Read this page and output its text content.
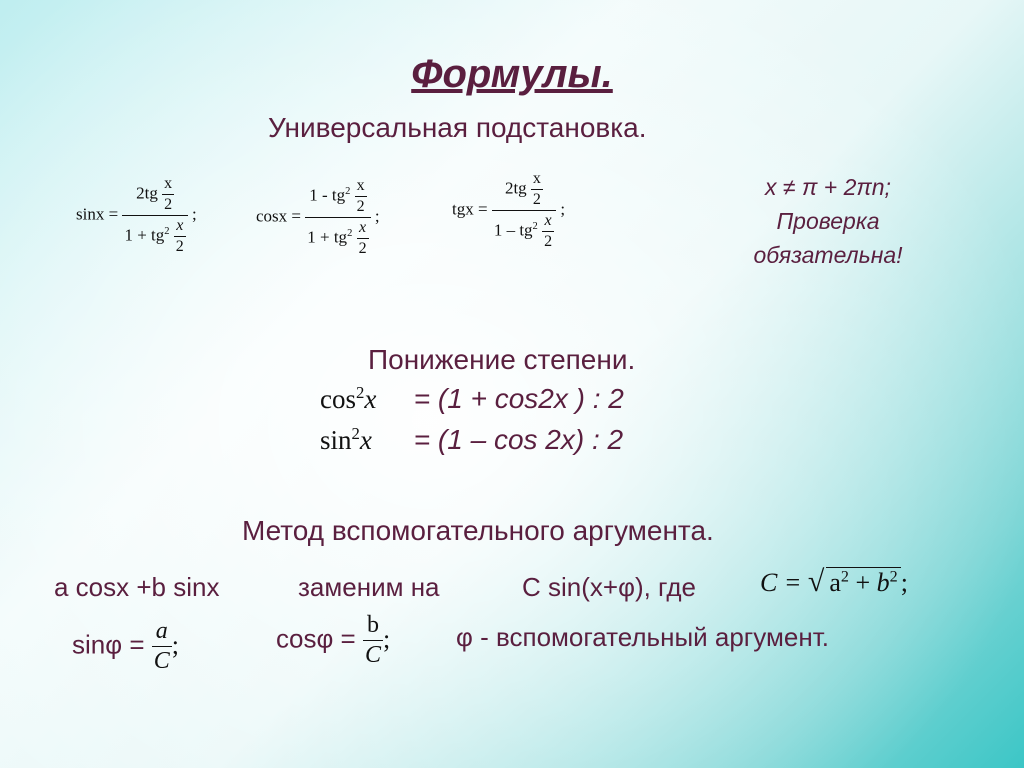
Формулы.
Универсальная подстановка.
$\sin x = \frac{2tg \frac{x}{2}}{1 + tg^2 \frac{x}{2}}$ ;	$\cos x = \frac{1 - tg^2 \frac{x}{2}}{1 + tg^2 \frac{x}{2}}$ ;	tgx = $\frac{2tg \frac{x}{2}}{1 - tg^2 \frac{x}{2}}$ ;
x ≠ π + 2πn;
Проверка
обязательна!
Понижение степени.
$\cos^2x = (1 + \cos 2x$ ) : 2
$\sin^2x = (1 - \cos 2x)$ : 2
Метод вспомогательного аргумента.
a cosx +b sinx	заменим на	C sin(x+φ), где C = √ $a^2 + b^2$ ;
$\sin\varphi = \frac{a}{C}$ ;	$\cos\varphi = \frac{b}{C}$ ;	φ - вспомогательный аргумент.
